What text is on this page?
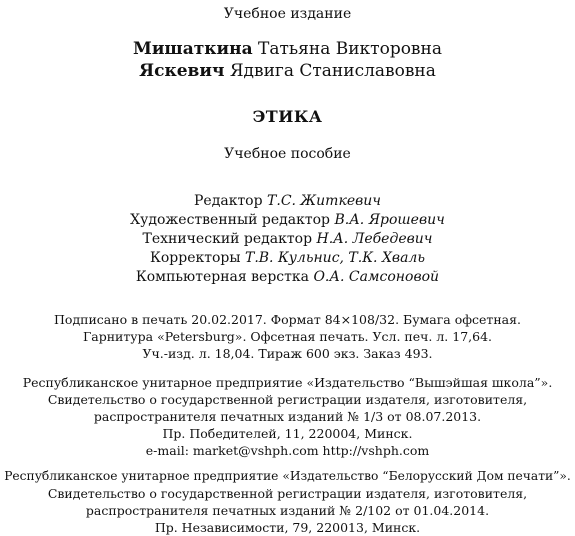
Учебное издание
Мишаткина Татьяна Викторовна
Яскевич Ядвига Станиславовна
ЭТИКА
Учебное пособие
Редактор Т.С. Житкевич
Художественный редактор В.А. Ярошевич
Технический редактор Н.А. Лебедевич
Корректоры Т.В. Кульнис, Т.К. Хваль
Компьютерная верстка О.А. Самсоновой
Подписано в печать 20.02.2017. Формат 84×108/32. Бумага офсетная.
Гарнитура «Petersburg». Офсетная печать. Усл. печ. л. 17,64.
Уч.-изд. л. 18,04. Тираж 600 экз. Заказ 493.
Республиканское унитарное предприятие «Издательство “Вышэйшая школа”».
Свидетельство о государственной регистрации издателя, изготовителя,
распространителя печатных изданий № 1/3 от 08.07.2013.
Пр. Победителей, 11, 220004, Минск.
e-mail: market@vshph.com http://vshph.com
Республиканское унитарное предприятие «Издательство “Белорусский Дом печати”».
Свидетельство о государственной регистрации издателя, изготовителя,
распространителя печатных изданий № 2/102 от 01.04.2014.
Пр. Независимости, 79, 220013, Минск.
